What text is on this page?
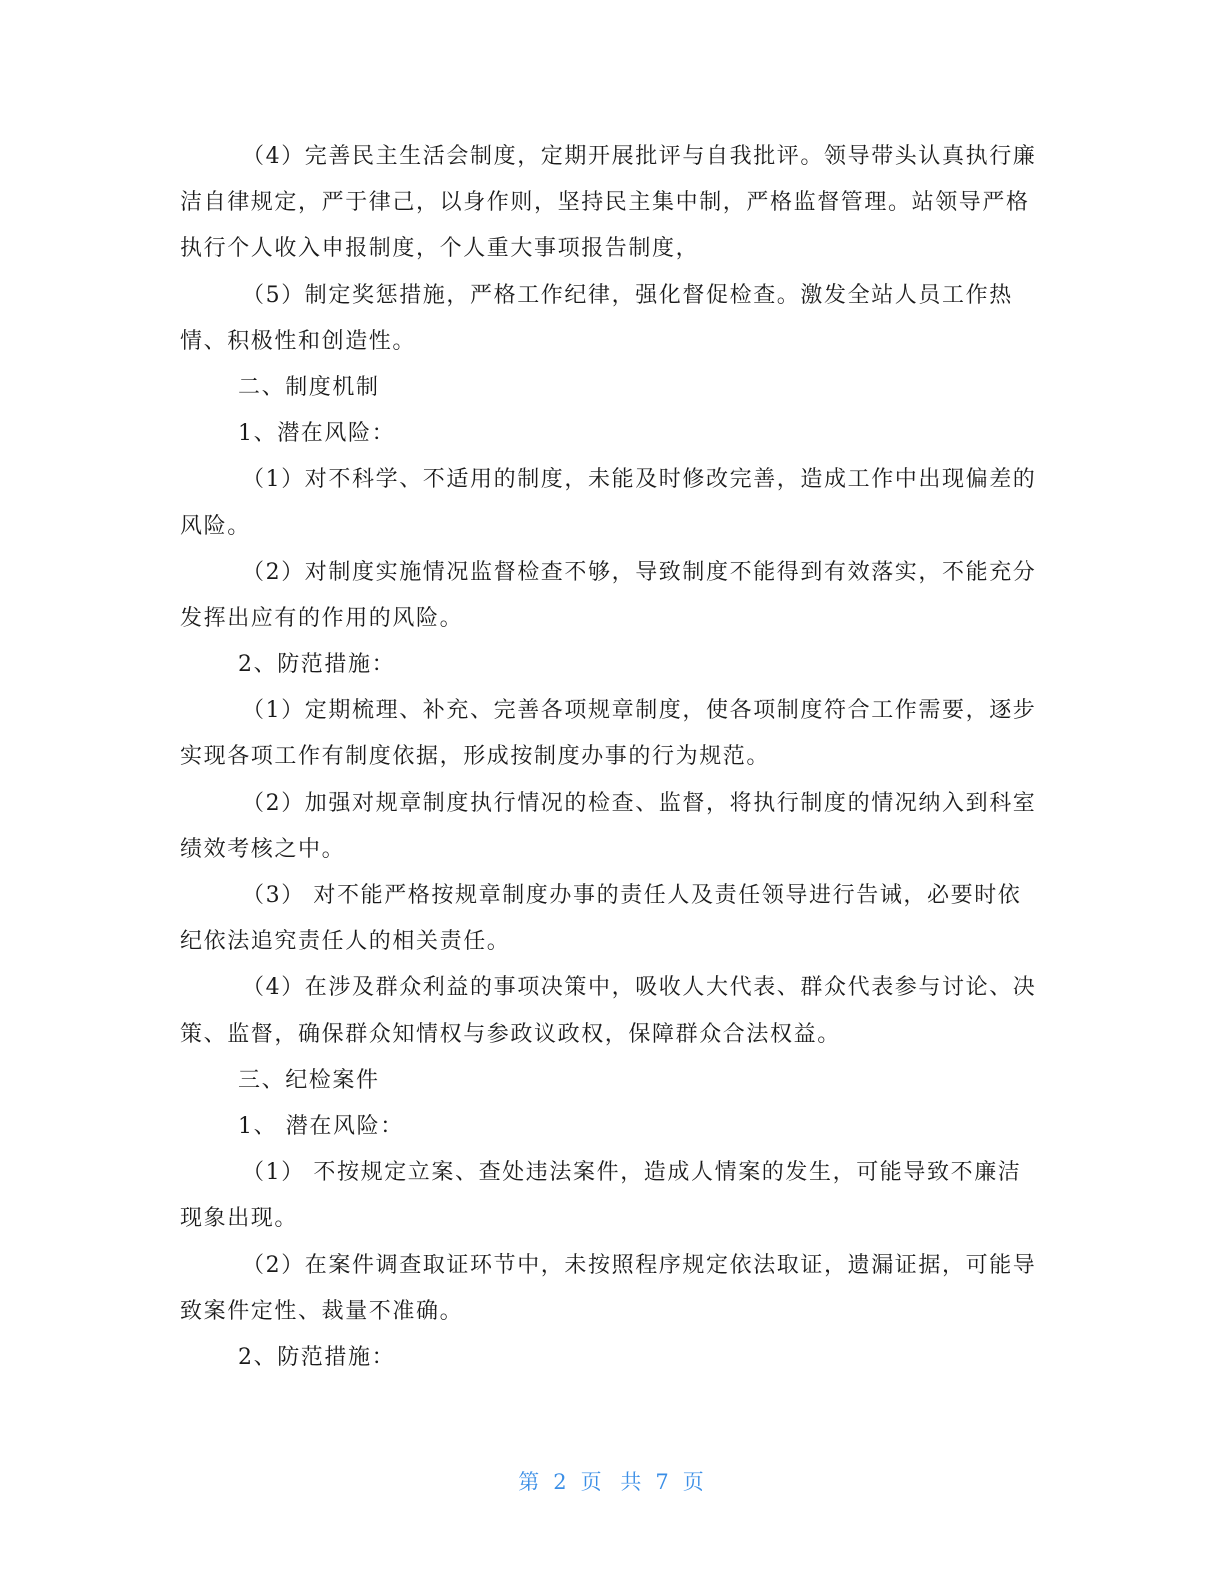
（4）完善民主生活会制度，定期开展批评与自我批评。领导带头认真执行廉
洁自律规定，严于律己，以身作则，坚持民主集中制，严格监督管理。站领导严格
执行个人收入申报制度，个人重大事项报告制度，
（5）制定奖惩措施，严格工作纪律，强化督促检查。激发全站人员工作热
情、积极性和创造性。
二、制度机制
1、潜在风险：
（1）对不科学、不适用的制度，未能及时修改完善，造成工作中出现偏差的
风险。
（2）对制度实施情况监督检查不够，导致制度不能得到有效落实，不能充分
发挥出应有的作用的风险。
2、防范措施：
（1）定期梳理、补充、完善各项规章制度，使各项制度符合工作需要，逐步
实现各项工作有制度依据，形成按制度办事的行为规范。
（2）加强对规章制度执行情况的检查、监督，将执行制度的情况纳入到科室
绩效考核之中。
（3） 对不能严格按规章制度办事的责任人及责任领导进行告诫，必要时依
纪依法追究责任人的相关责任。
（4）在涉及群众利益的事项决策中，吸收人大代表、群众代表参与讨论、决
策、监督，确保群众知情权与参政议政权，保障群众合法权益。
三、纪检案件
1、 潜在风险：
（1） 不按规定立案、查处违法案件，造成人情案的发生，可能导致不廉洁
现象出现。
（2）在案件调查取证环节中，未按照程序规定依法取证，遗漏证据，可能导
致案件定性、裁量不准确。
2、防范措施：
第 2 页 共 7 页
